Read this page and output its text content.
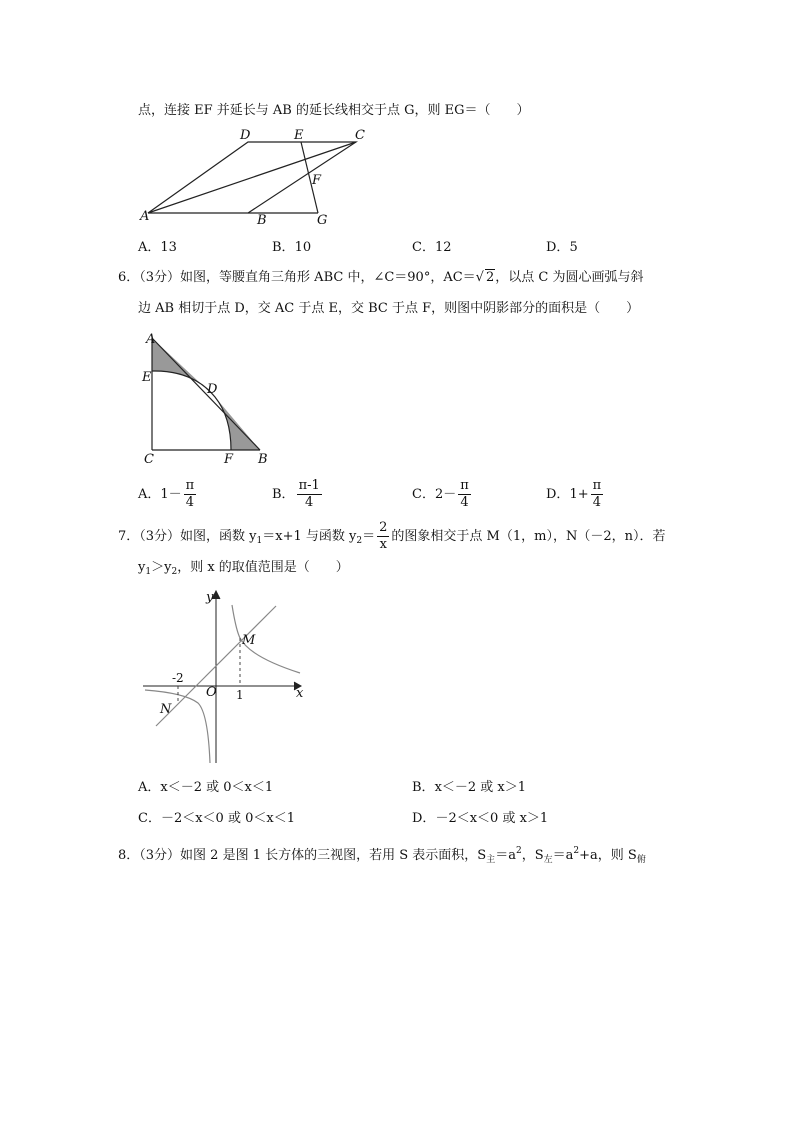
点，连接 EF 并延长与 AB 的延长线相交于点 G，则 EG＝（　　）
A	B
D	E	C
F
G
A．13	B．10	C．12	D．5
6．（3分）如图，等腰直角三角形 ABC 中，∠C＝90°，AC＝√ 2，以点 C 为圆心画弧与斜
边 AB 相切于点 D，交 AC 于点 E，交 BC 于点 F，则图中阴影部分的面积是（　　）
A
E
D
C	F B
A．$1- \frac{\pi}{4}$	B． $\frac{\pi-1}{4}$	C．$2- \frac{\pi}{4}$	D．$1+ \frac{\pi}{4}$
7．（3分）如图，函数 $y_1=x+1$ 与函数 $y_2= \frac{2}{x}$ 的图象相交于点 M（1，m），N（－2，n）．若
$y_1>y_2$，则 x 的取值范围是（　　）
y
x
O
M
N
-2
1
A．x＜－2 或 0＜x＜1	B．x＜－2 或 x＞1
C．－2＜x＜0 或 0＜x＜1	D．－2＜x＜0 或 x＞1
8．（3分）如图 2 是图 1 长方体的三视图，若用 S 表示面积，$S_主=a^2$，$S_左=a^2+a$，则 $S_俯$
